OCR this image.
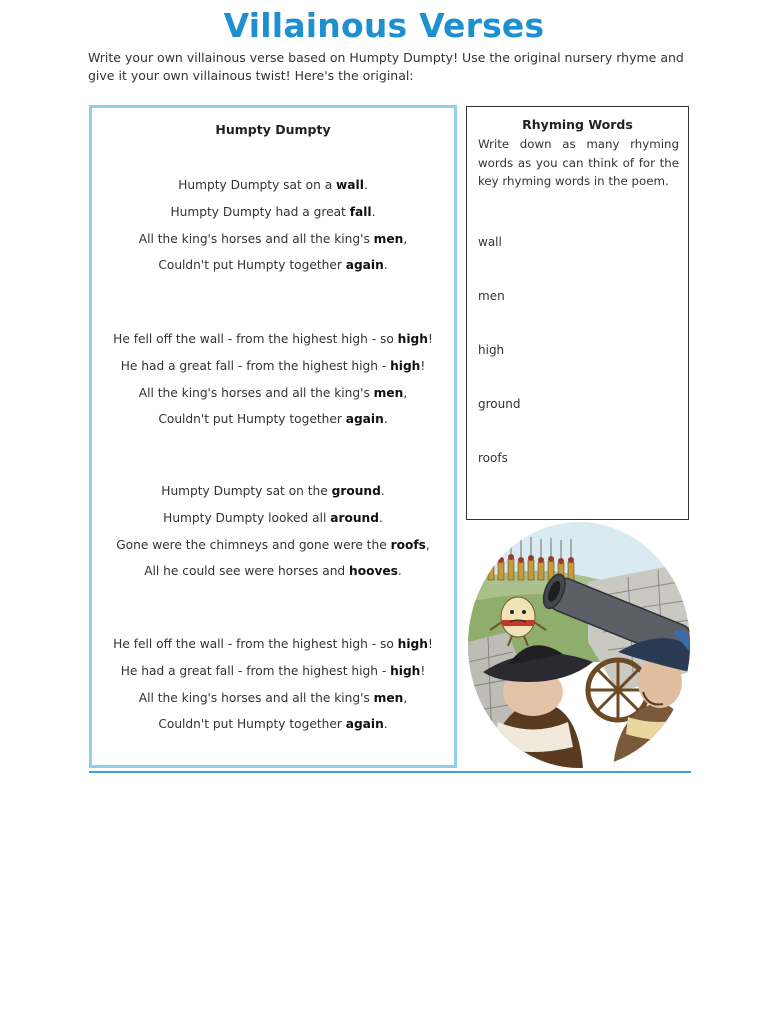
Villainous Verses
Write your own villainous verse based on Humpty Dumpty! Use the original nursery rhyme and give it your own villainous twist! Here's the original:
Humpty Dumpty
Humpty Dumpty sat on a wall.
Humpty Dumpty had a great fall.
All the king's horses and all the king's men,
Couldn't put Humpty together again.
He fell off the wall - from the highest high - so high!
He had a great fall - from the highest high - high!
All the king's horses and all the king's men,
Couldn't put Humpty together again.
Humpty Dumpty sat on the ground.
Humpty Dumpty looked all around.
Gone were the chimneys and gone were the roofs,
All he could see were horses and hooves.
He fell off the wall - from the highest high - so high!
He had a great fall - from the highest high - high!
All the king's horses and all the king's men,
Couldn't put Humpty together again.
Rhyming Words
Write down as many rhyming words as you can think of for the key rhyming words in the poem.
wall
men
high
ground
roofs
